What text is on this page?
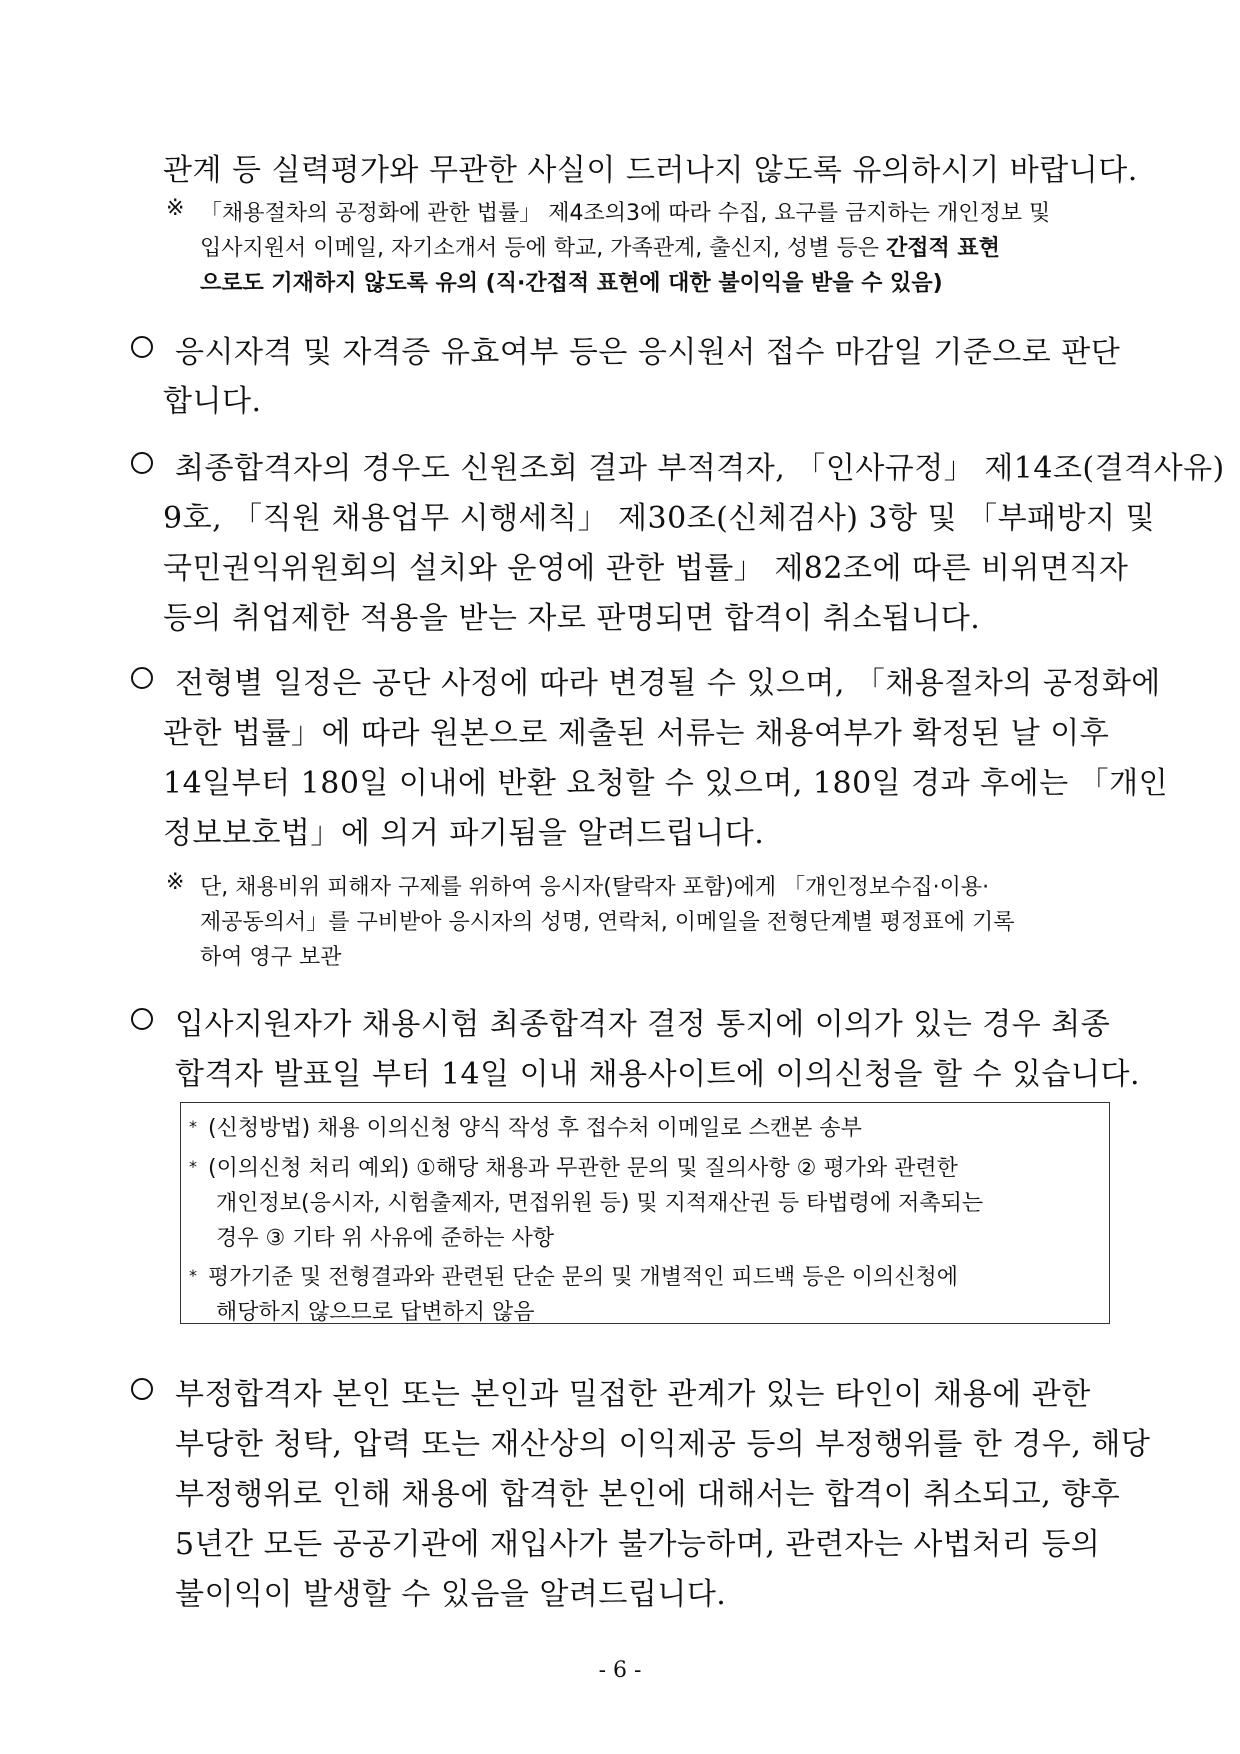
관계 등 실력평가와 무관한 사실이 드러나지 않도록 유의하시기 바랍니다.
※ 「채용절차의 공정화에 관한 법률」 제4조의3에 따라 수집, 요구를 금지하는 개인정보 및
입사지원서 이메일, 자기소개서 등에 학교, 가족관계, 출신지, 성별 등은 간접적 표현
으로도 기재하지 않도록 유의 (직·간접적 표현에 대한 불이익을 받을 수 있음)
응시자격 및 자격증 유효여부 등은 응시원서 접수 마감일 기준으로 판단
합니다.
최종합격자의 경우도 신원조회 결과 부적격자, 「인사규정」 제14조(결격사유)
9호, 「직원 채용업무 시행세칙」 제30조(신체검사) 3항 및 「부패방지 및
국민권익위원회의 설치와 운영에 관한 법률」 제82조에 따른 비위면직자
등의 취업제한 적용을 받는 자로 판명되면 합격이 취소됩니다.
전형별 일정은 공단 사정에 따라 변경될 수 있으며, 「채용절차의 공정화에
관한 법률」에 따라 원본으로 제출된 서류는 채용여부가 확정된 날 이후
14일부터 180일 이내에 반환 요청할 수 있으며, 180일 경과 후에는 「개인
정보보호법」에 의거 파기됨을 알려드립니다.
※ 단, 채용비위 피해자 구제를 위하여 응시자(탈락자 포함)에게 「개인정보수집·이용·
제공동의서」를 구비받아 응시자의 성명, 연락처, 이메일을 전형단계별 평정표에 기록
하여 영구 보관
입사지원자가 채용시험 최종합격자 결정 통지에 이의가 있는 경우 최종
합격자 발표일 부터 14일 이내 채용사이트에 이의신청을 할 수 있습니다.
* (신청방법) 채용 이의신청 양식 작성 후 접수처 이메일로 스캔본 송부
* (이의신청 처리 예외) ①해당 채용과 무관한 문의 및 질의사항 ② 평가와 관련한
개인정보(응시자, 시험출제자, 면접위원 등) 및 지적재산권 등 타법령에 저촉되는
경우 ③ 기타 위 사유에 준하는 사항
* 평가기준 및 전형결과와 관련된 단순 문의 및 개별적인 피드백 등은 이의신청에
해당하지 않으므로 답변하지 않음
부정합격자 본인 또는 본인과 밀접한 관계가 있는 타인이 채용에 관한
부당한 청탁, 압력 또는 재산상의 이익제공 등의 부정행위를 한 경우, 해당
부정행위로 인해 채용에 합격한 본인에 대해서는 합격이 취소되고, 향후
5년간 모든 공공기관에 재입사가 불가능하며, 관련자는 사법처리 등의
불이익이 발생할 수 있음을 알려드립니다.
- 6 -
